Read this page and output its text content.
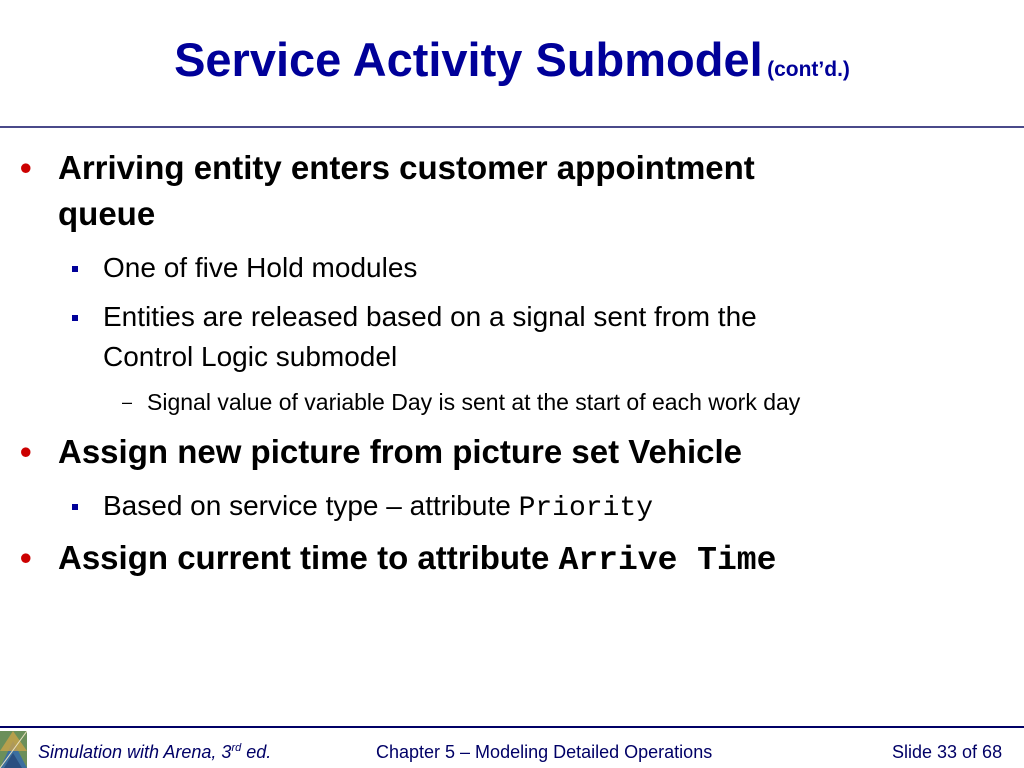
Service Activity Submodel (cont’d.)
• Arriving entity enters customer appointment
queue
One of five Hold modules
Entities are released based on a signal sent from the
Control Logic submodel
– Signal value of variable Day is sent at the start of each work day
• Assign new picture from picture set Vehicle
Based on service type – attribute Priority
• Assign current time to attribute Arrive Time
Simulation with Arena, 3rd ed.	Chapter 5 – Modeling Detailed Operations	Slide 33 of 68
